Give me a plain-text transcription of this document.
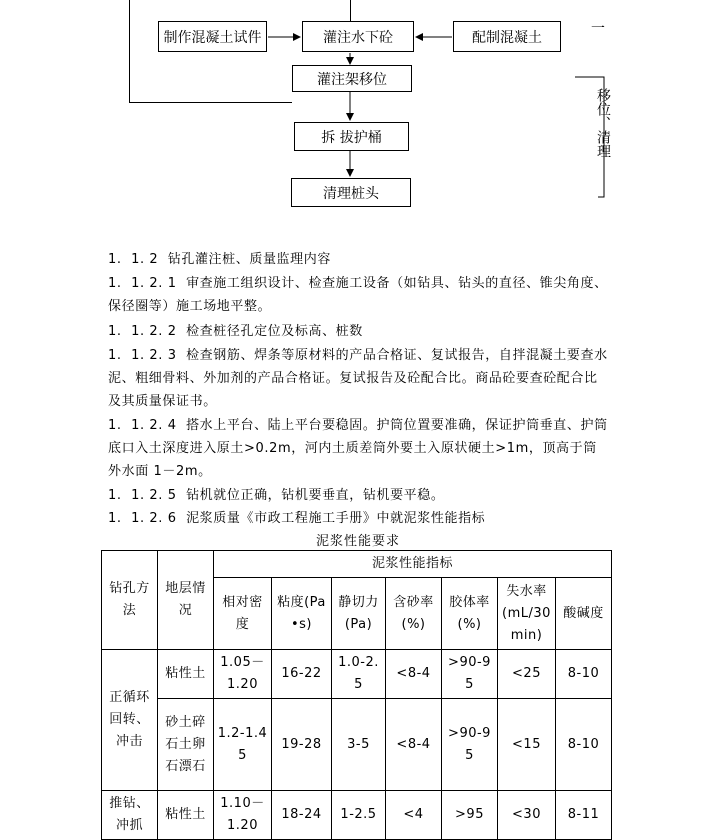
制作混凝土试件	灌注水下砼	配制混凝土
灌注架移位
拆 拔护桶
清理桩头
一
移位、清理
1.  1. 2  钻孔灌注桩、质量监理内容
1.  1. 2. 1  审查施工组织设计、检查施工设备（如钻具、钻头的直径、锥尖角度、保径圈等）施工场地平整。
1.  1. 2. 2  检查桩径孔定位及标高、桩数
1.  1. 2. 3  检查钢筋、焊条等原材料的产品合格证、复试报告，自拌混凝土要查水泥、粗细骨料、外加剂的产品合格证。复试报告及砼配合比。商品砼要查砼配合比及其质量保证书。
1.  1. 2. 4  搭水上平台、陆上平台要稳固。护筒位置要准确，保证护筒垂直、护筒底口入土深度进入原土>0.2m，河内土质差筒外要土入原状硬土>1m，顶高于筒外水面 1－2m。
1.  1. 2. 5  钻机就位正确，钻机要垂直，钻机要平稳。
1.  1. 2. 6  泥浆质量《市政工程施工手册》中就泥浆性能指标
泥浆性能要求
钻孔方法	地层情况	泥浆性能指标						
		相对密度	粘度(Pa •s)	静切力(Pa)	含砂率(%)	胶体率(%)	失水率(mL/30min)	酸碱度
正循环回转、冲击	粘性土	1.05－1.20	16-22	1.0-2.5	<8-4	>90-95	<25	8-10
	砂土碎石土卵石漂石	1.2-1.45	19-28	3-5	<8-4	>90-95	<15	8-10
推钻、冲抓	粘性土	1.10－1.20	18-24	1-2.5	<4	>95	<30	8-11
